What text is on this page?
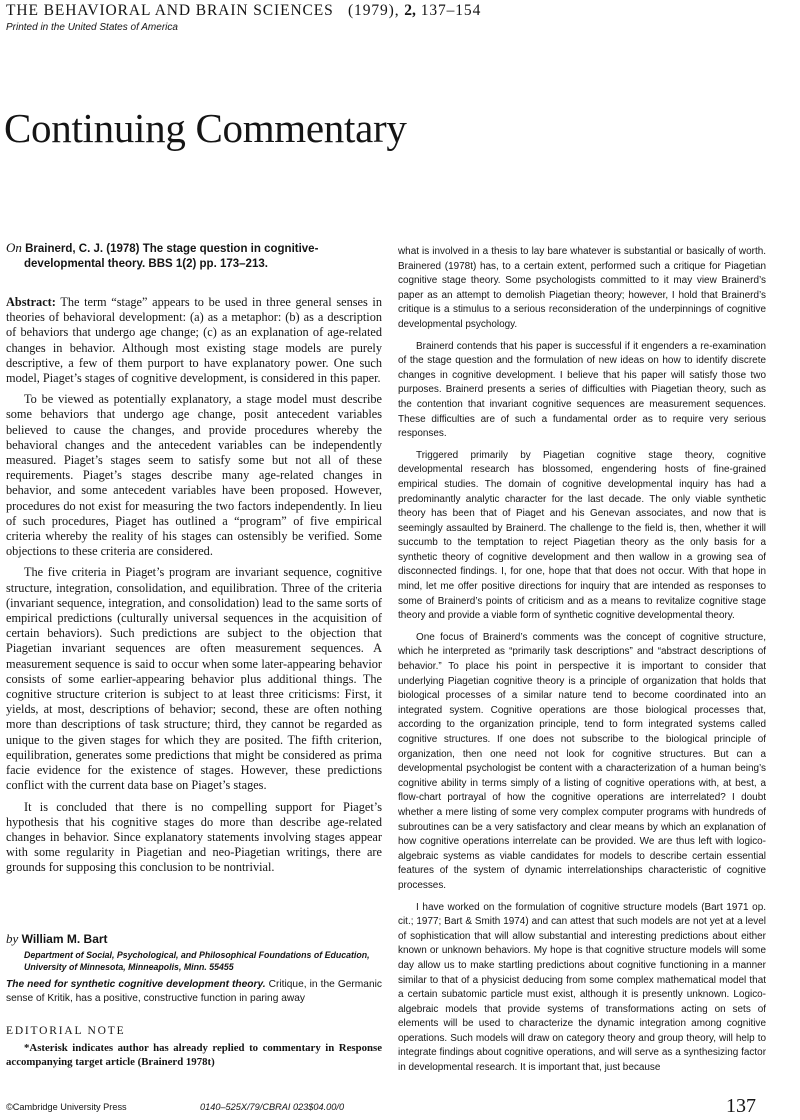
THE BEHAVIORAL AND BRAIN SCIENCES (1979), 2, 137–154
Printed in the United States of America
Continuing Commentary
On Brainerd, C. J. (1978) The stage question in cognitive-
developmental theory. BBS 1(2) pp. 173–213.

Abstract: The term “stage” appears to be used in three general senses in theories of behavioral development: (a) as a metaphor: (b) as a description of behaviors that undergo age change; (c) as an explanation of age-related changes in behavior. Although most existing stage models are purely descriptive, a few of them purport to have explanatory power. One such model, Piaget’s stages of cognitive development, is considered in this paper.

To be viewed as potentially explanatory, a stage model must describe some behaviors that undergo age change, posit antecedent variables believed to cause the changes, and provide procedures whereby the behavioral changes and the antecedent variables can be independently measured. Piaget’s stages seem to satisfy some but not all of these requirements. Piaget’s stages describe many age-related changes in behavior, and some antecedent variables have been proposed. However, procedures do not exist for measuring the two factors independently. In lieu of such procedures, Piaget has outlined a “program” of five empirical criteria whereby the reality of his stages can ostensibly be verified. Some objections to these criteria are considered.

The five criteria in Piaget’s program are invariant sequence, cognitive structure, integration, consolidation, and equilibration. Three of the criteria (invariant sequence, integration, and consolidation) lead to the same sorts of empirical predictions (culturally universal sequences in the acquisition of certain behaviors). Such predictions are subject to the objection that Piagetian invariant sequences are often measurement sequences. A measurement sequence is said to occur when some later-appearing behavior consists of some earlier-appearing behavior plus additional things. The cognitive structure criterion is subject to at least three criticisms: First, it yields, at most, descriptions of behavior; second, these are often nothing more than descriptions of task structure; third, they cannot be regarded as unique to the given stages for which they are posited. The fifth criterion, equilibration, generates some predictions that might be considered as prima facie evidence for the existence of stages. However, these predictions conflict with the current data base on Piaget’s stages.

It is concluded that there is no compelling support for Piaget’s hypothesis that his cognitive stages do more than describe age-related changes in behavior. Since explanatory statements involving stages appear with some regularity in Piagetian and neo-Piagetian writings, there are grounds for supposing this conclusion to be nontrivial.

by William M. Bart
Department of Social, Psychological, and Philosophical Foundations of Education,
University of Minnesota, Minneapolis, Minn. 55455
The need for synthetic cognitive development theory. Critique, in the Germanic sense of Kritik, has a positive, constructive function in paring away
EDITORIAL NOTE
*Asterisk indicates author has already replied to commentary in Response accompanying target article (Brainerd 1978t)

what is involved in a thesis to lay bare whatever is substantial or basically of worth. Brainered (1978t) has, to a certain extent, performed such a critique for Piagetian cognitive stage theory. Some psychologists committed to it may view Brainerd’s paper as an attempt to demolish Piagetian theory; however, I hold that Brainerd’s critique is a stimulus to a serious reconsideration of the underpinnings of cognitive developmental psychology.

Brainerd contends that his paper is successful if it engenders a re-examination of the stage question and the formulation of new ideas on how to identify discrete changes in cognitive development. I believe that his paper will satisfy those two purposes. Brainerd presents a series of difficulties with Piagetian theory, such as the contention that invariant cognitive sequences are measurement sequences. These difficulties are of such a fundamental order as to require very serious responses.

Triggered primarily by Piagetian cognitive stage theory, cognitive developmental research has blossomed, engendering hosts of fine-grained empirical studies. The domain of cognitive developmental inquiry has had a predominantly analytic character for the last decade. The only viable synthetic theory has been that of Piaget and his Genevan associates, and now that is seemingly assaulted by Brainerd. The challenge to the field is, then, whether it will succumb to the temptation to reject Piagetian theory as the only basis for a synthetic theory of cognitive development and then wallow in a growing sea of disconnected findings. I, for one, hope that that does not occur. With that hope in mind, let me offer positive directions for inquiry that are intended as responses to some of Brainerd’s points of criticism and as a means to revitalize cognitive stage theory and provide a viable form of synthetic cognitive developmental theory.

One focus of Brainerd’s comments was the concept of cognitive structure, which he interpreted as “primarily task descriptions” and “abstract descriptions of behavior.” To place his point in perspective it is important to consider that underlying Piagetian cognitive theory is a principle of organization that holds that biological processes of a similar nature tend to become coordinated into an integrated system. Cognitive operations are those biological processes that, according to the organization principle, tend to form integrated systems called cognitive structures. If one does not subscribe to the biological principle of organization, then one need not look for cognitive structures. But can a developmental psychologist be content with a characterization of a human being’s cognitive ability in terms simply of a listing of cognitive operations with, at best, a flow-chart portrayal of how the cognitive operations are interrelated? I doubt whether a mere listing of some very complex computer programs with hundreds of subroutines can be a very satisfactory and clear means by which an explanation of how cognitive operations interrelate can be provided. We are thus left with logico-algebraic systems as viable candidates for models to describe certain essential features of the system of dynamic interrelationships characteristic of cognitive processes.

I have worked on the formulation of cognitive structure models (Bart 1971 op. cit.; 1977; Bart & Smith 1974) and can attest that such models are not yet at a level of sophistication that will allow substantial and interesting predictions about either known or unknown behaviors. My hope is that cognitive structure models will some day allow us to make startling predictions about cognitive functioning in a manner similar to that of a physicist deducing from some complex mathematical model that a certain subatomic particle must exist, although it is presently unknown. Logico-algebraic models that provide systems of transformations acting on sets of elements will be used to characterize the dynamic integration among cognitive operations. Such models will draw on category theory and group theory, will help to integrate findings about cognitive operations, and will serve as a synthesizing factor in developmental research. It is important that, just because

©Cambridge University Press	0140–525X/79/CBRAI 023$04.00/0	137
